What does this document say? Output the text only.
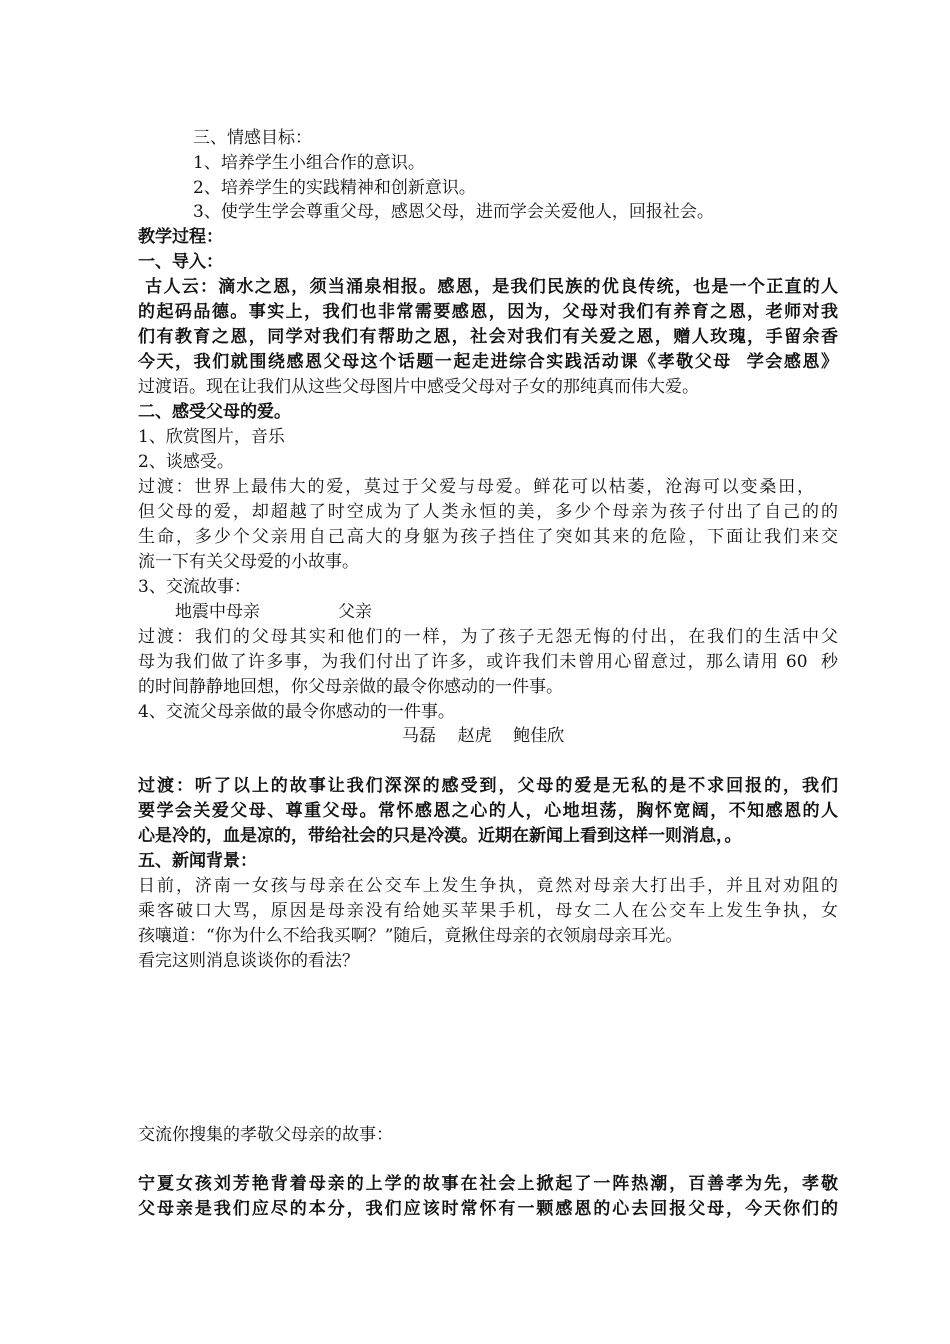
三、情感目标：
1、培养学生小组合作的意识。
2、培养学生的实践精神和创新意识。
3、使学生学会尊重父母，感恩父母，进而学会关爱他人，回报社会。
教学过程：
一、导入：
古人云：滴水之恩，须当涌泉相报。感恩，是我们民族的优良传统，也是一个正直的人
的起码品德。事实上，我们也非常需要感恩，因为，父母对我们有养育之恩，老师对我
们有教育之恩，同学对我们有帮助之恩，社会对我们有关爱之恩，赠人玫瑰，手留余香
今天，我们就围绕感恩父母这个话题一起走进综合实践活动课《孝敬父母  学会感恩》
过渡语。现在让我们从这些父母图片中感受父母对子女的那纯真而伟大爱。
二、感受父母的爱。
1、欣赏图片，音乐
2、谈感受。
过渡：世界上最伟大的爱，莫过于父爱与母爱。鲜花可以枯萎，沧海可以变桑田，
但父母的爱，却超越了时空成为了人类永恒的美，多少个母亲为孩子付出了自己的的
生命，多少个父亲用自己高大的身躯为孩子挡住了突如其来的危险，下面让我们来交
流一下有关父母爱的小故事。
3、交流故事：
地震中母亲	父亲
过渡：我们的父母其实和他们的一样，为了孩子无怨无悔的付出，在我们的生活中父
母为我们做了许多事，为我们付出了许多，或许我们未曾用心留意过，那么请用 60  秒
的时间静静地回想，你父母亲做的最令你感动的一件事。
4、交流父母亲做的最令你感动的一件事。
马磊    赵虎    鲍佳欣
过渡：听了以上的故事让我们深深的感受到，父母的爱是无私的是不求回报的，我们
要学会关爱父母、尊重父母。常怀感恩之心的人，心地坦荡，胸怀宽阔，不知感恩的人
心是冷的，血是凉的，带给社会的只是冷漠。近期在新闻上看到这样一则消息，。
五、新闻背景：
日前，济南一女孩与母亲在公交车上发生争执，竟然对母亲大打出手，并且对劝阻的
乘客破口大骂，原因是母亲没有给她买苹果手机，母女二人在公交车上发生争执，女
孩嚷道：“你为什么不给我买啊？”随后，竟揪住母亲的衣领扇母亲耳光。
看完这则消息谈谈你的看法？
交流你搜集的孝敬父母亲的故事：
宁夏女孩刘芳艳背着母亲的上学的故事在社会上掀起了一阵热潮，百善孝为先，孝敬
父母亲是我们应尽的本分，我们应该时常怀有一颗感恩的心去回报父母，今天你们的
